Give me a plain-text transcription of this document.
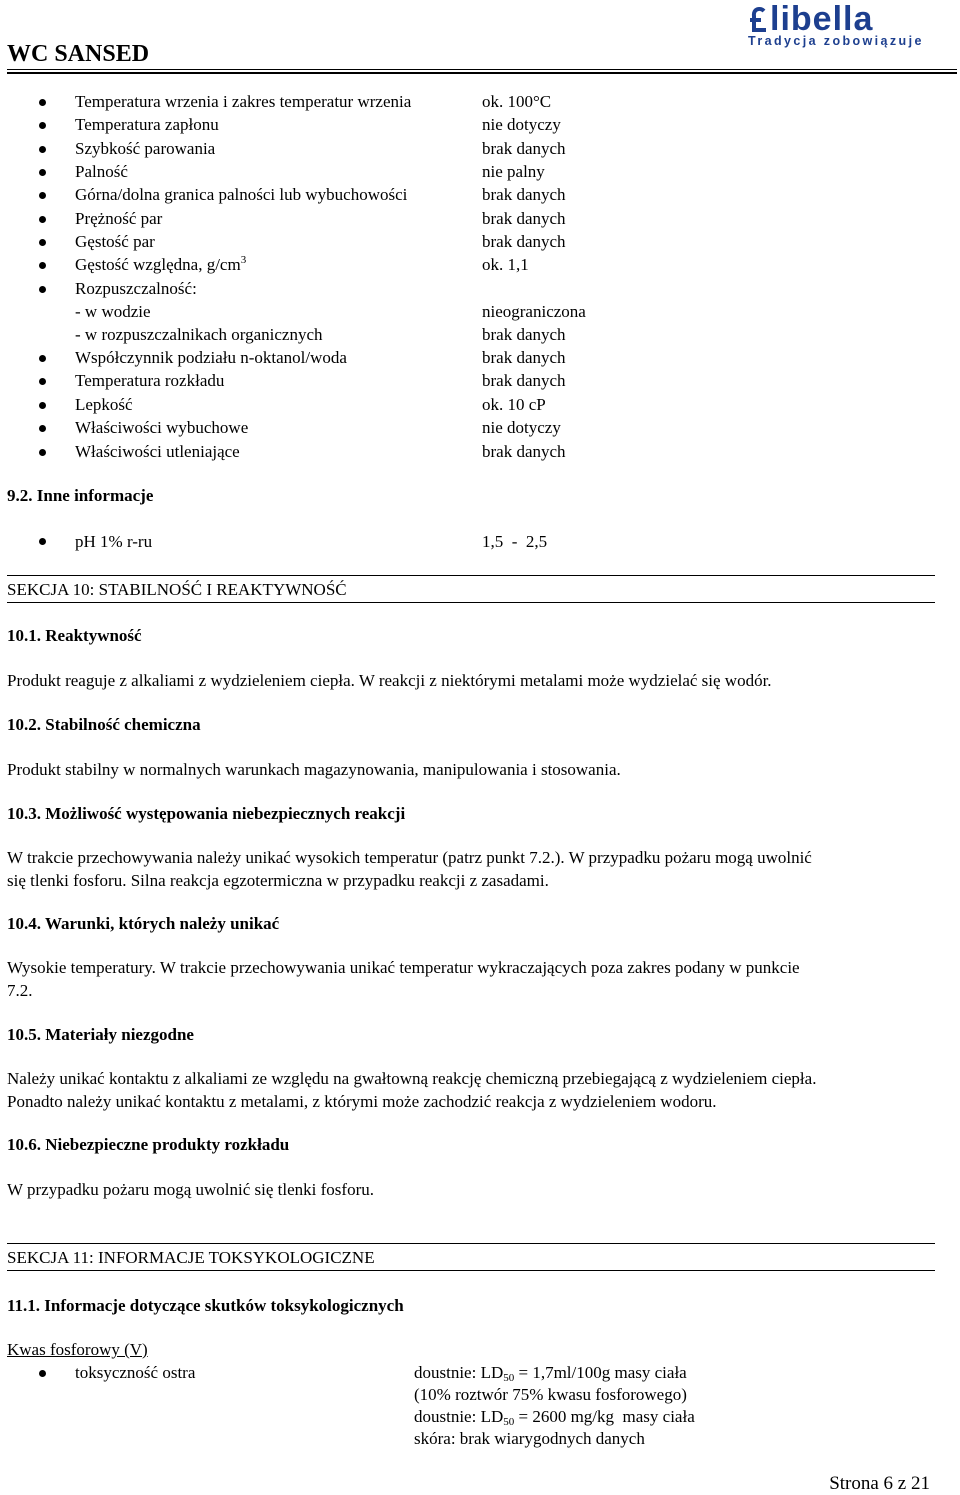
WC SANSED
libella
Tradycja zobowiązuje
Temperatura wrzenia i zakres temperatur wrzenia	ok. 100°C
Temperatura zapłonu	nie dotyczy
Szybkość parowania	brak danych
Palność	nie palny
Górna/dolna granica palności lub wybuchowości	brak danych
Prężność par	brak danych
Gęstość par	brak danych
Gęstość względna, $g/cm^3$	ok. 1,1
Rozpuszczalność:
- w wodzie	nieograniczona
- w rozpuszczalnikach organicznych	brak danych
Współczynnik podziału n-oktanol/woda	brak danych
Temperatura rozkładu	brak danych
Lepkość	ok. 10 cP
Właściwości wybuchowe	nie dotyczy
Właściwości utleniające	brak danych
9.2. Inne informacje
pH 1% r-ru	1,5  -  2,5
SEKCJA 10: STABILNOŚĆ I REAKTYWNOŚĆ
10.1. Reaktywność
Produkt reaguje z alkaliami z wydzieleniem ciepła. W reakcji z niektórymi metalami może wydzielać się wodór.
10.2. Stabilność chemiczna
Produkt stabilny w normalnych warunkach magazynowania, manipulowania i stosowania.
10.3. Możliwość występowania niebezpiecznych reakcji
W trakcie przechowywania należy unikać wysokich temperatur (patrz punkt 7.2.). W przypadku pożaru mogą uwolnić
się tlenki fosforu. Silna reakcja egzotermiczna w przypadku reakcji z zasadami.
10.4. Warunki, których należy unikać
Wysokie temperatury. W trakcie przechowywania unikać temperatur wykraczających poza zakres podany w punkcie
7.2.
10.5. Materiały niezgodne
Należy unikać kontaktu z alkaliami ze względu na gwałtowną reakcję chemiczną przebiegającą z wydzieleniem ciepła.
Ponadto należy unikać kontaktu z metalami, z którymi może zachodzić reakcja z wydzieleniem wodoru.
10.6. Niebezpieczne produkty rozkładu
W przypadku pożaru mogą uwolnić się tlenki fosforu.
SEKCJA 11: INFORMACJE TOKSYKOLOGICZNE
11.1. Informacje dotyczące skutków toksykologicznych
Kwas fosforowy (V)
toksyczność ostra	doustnie: $LD_{50} = 1,7ml/100g$ masy ciała
(10% roztwór 75% kwasu fosforowego)
doustnie: $LD_{50} = 2600$ mg/kg  masy ciała
skóra: brak wiarygodnych danych
Strona 6 z 21
